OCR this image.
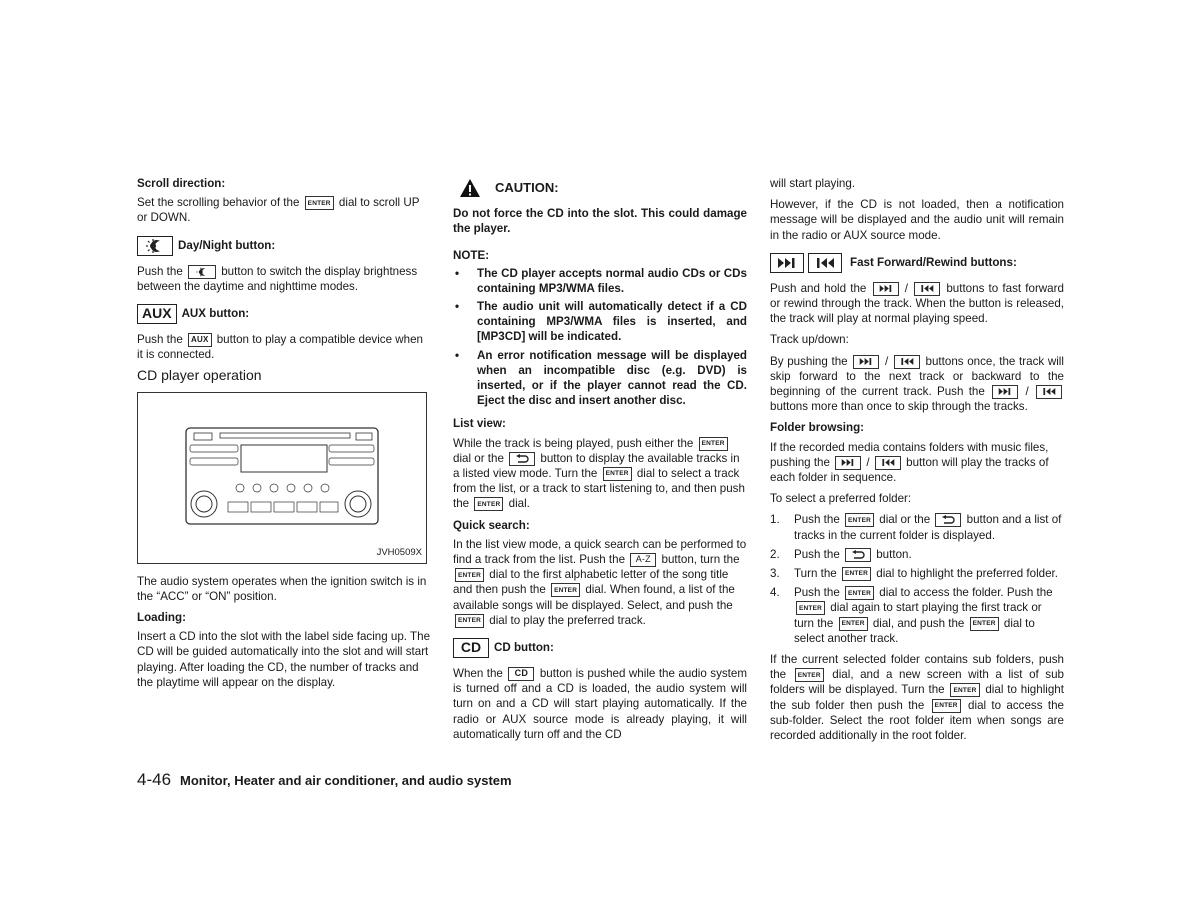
Scroll direction:

Set the scrolling behavior of the ENTER dial to scroll UP or DOWN.

Day/Night button:

Push the	button to switch the display brightness between the daytime and nighttime modes.

AUX AUX button:

Push the AUX button to play a compatible device when it is connected.

CD player operation
JVH0509X

The audio system operates when the ignition switch is in the “ACC” or “ON” position.

Loading:

Insert a CD into the slot with the label side facing up. The CD will be guided automatically into the slot and will start playing. After loading the CD, the number of tracks and the playtime will appear on the display.

CAUTION:

Do not force the CD into the slot. This could damage the player.

NOTE:

• The CD player accepts normal audio CDs or CDs containing MP3/WMA files.
• The audio unit will automatically detect if a CD containing MP3/WMA files is inserted, and [MP3CD] will be indicated.
• An error notification message will be displayed when an incompatible disc (e.g. DVD) is inserted, or if the player cannot read the CD. Eject the disc and insert another disc.

List view:

While the track is being played, push either the ENTER dial or the	button to display the available tracks in a listed view mode. Turn the ENTER dial to select a track from the list, or a track to start listening to, and then push the ENTER dial.

Quick search:

In the list view mode, a quick search can be performed to find a track from the list. Push the A-Z button, turn the ENTER dial to the first alphabetic letter of the song title and then push the ENTER dial. When found, a list of the available songs will be displayed. Select, and push the ENTER dial to play the preferred track.

CD	CD button:

When the CD button is pushed while the audio system is turned off and a CD is loaded, the audio system will turn on and a CD will start playing automatically. If the radio or AUX source mode is already playing, it will automatically turn off and the CD

will start playing.

However, if the CD is not loaded, then a notification message will be displayed and the audio unit will remain in the radio or AUX source mode.

Fast Forward/Rewind buttons:

Push and hold the	/	buttons to fast forward or rewind through the track. When the button is released, the track will play at normal playing speed.

Track up/down:

By pushing the	/	buttons once, the track will skip forward to the next track or backward to the beginning of the current track. Push the	/
buttons more than once to skip through the tracks.

Folder browsing:

If the recorded media contains folders with music files, pushing the	/	button will play the tracks of each folder in sequence.

To select a preferred folder:

1. Push the ENTER dial or the	button and a list of tracks in the current folder is displayed.
2. Push the	button.
3. Turn the ENTER dial to highlight the preferred folder.
4. Push the ENTER dial to access the folder. Push the ENTER dial again to start playing the first track or turn the ENTER dial, and push the ENTER dial to select another track.

If the current selected folder contains sub folders, push the ENTER dial, and a new screen with a list of sub folders will be displayed. Turn the ENTER dial to highlight the sub folder then push the ENTER dial to access the sub-folder. Select the root folder item when songs are recorded additionally in the root folder.

4-46 Monitor, Heater and air conditioner, and audio system
